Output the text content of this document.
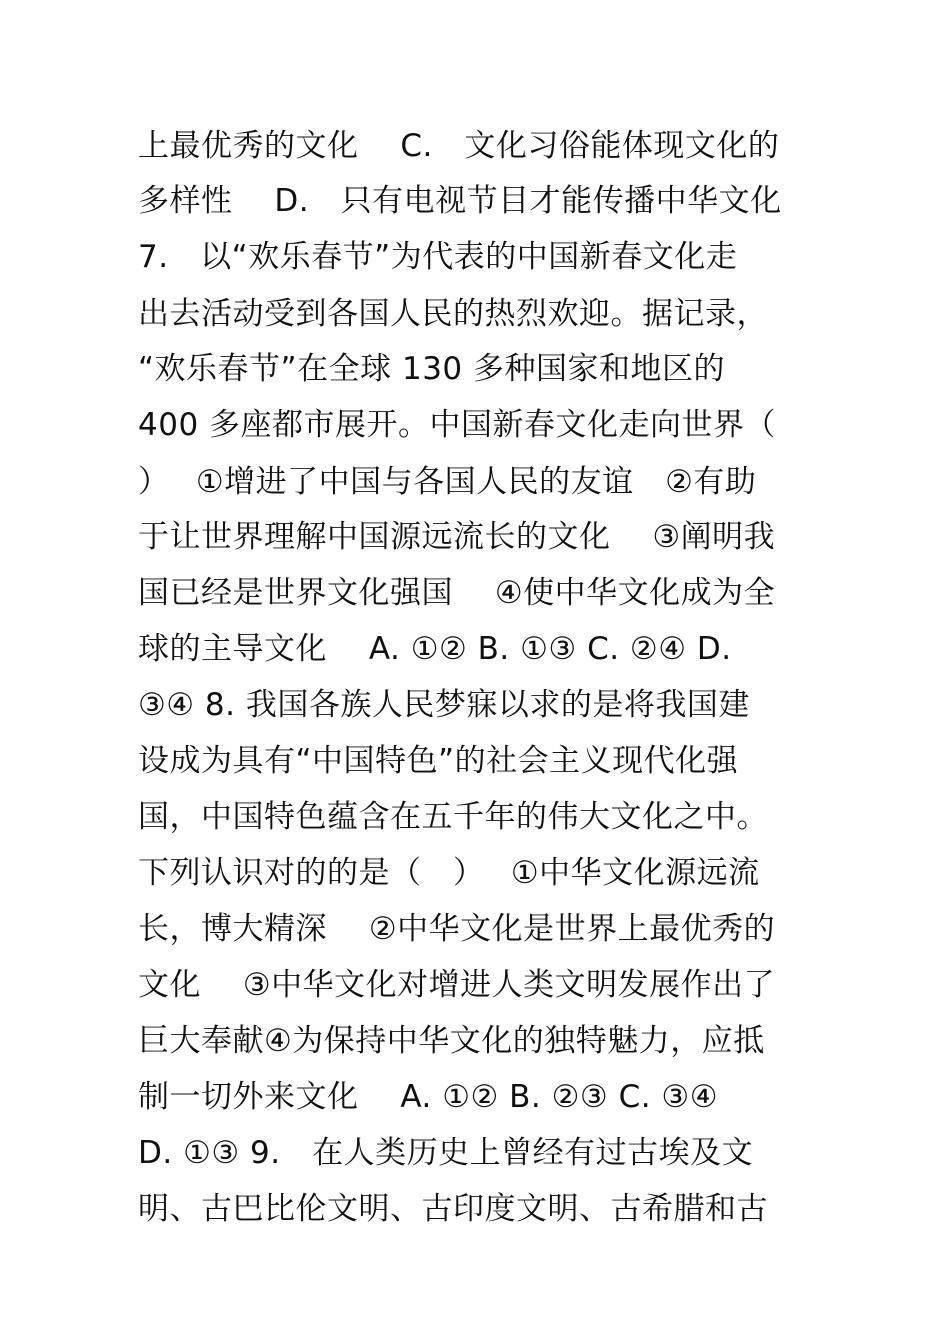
上最优秀的文化　 C.　文化习俗能体现文化的
多样性　 D.　只有电视节目才能传播中华文化
7.　以“欢乐春节”为代表的中国新春文化走
出去活动受到各国人民的热烈欢迎。据记录，
“欢乐春节”在全球 130 多种国家和地区的
400 多座都市展开。中国新春文化走向世界（
）　 ①增进了中国与各国人民的友谊　②有助
于让世界理解中国源远流长的文化　 ③阐明我
国已经是世界文化强国　 ④使中华文化成为全
球的主导文化　 A. ①② B. ①③ C. ②④ D.
③④ 8. 我国各族人民梦寐以求的是将我国建
设成为具有“中国特色”的社会主义现代化强
国，中国特色蕴含在五千年的伟大文化之中。
下列认识对的的是（　）　 ①中华文化源远流
长，博大精深　 ②中华文化是世界上最优秀的
文化　 ③中华文化对增进人类文明发展作出了
巨大奉献④为保持中华文化的独特魅力，应抵
制一切外来文化　 A. ①② B. ②③ C. ③④
D. ①③ 9.　在人类历史上曾经有过古埃及文
明、古巴比伦文明、古印度文明、古希腊和古
